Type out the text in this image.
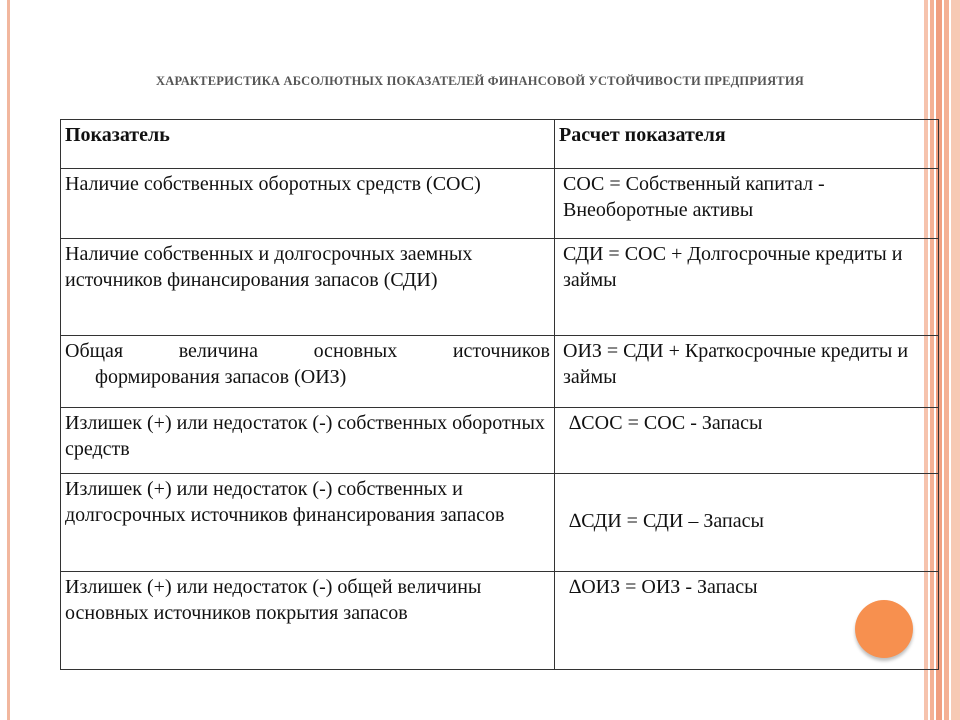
ХАРАКТЕРИСТИКА АБСОЛЮТНЫХ ПОКАЗАТЕЛЕЙ ФИНАНСОВОЙ УСТОЙЧИВОСТИ ПРЕДПРИЯТИЯ
Показатель	Расчет показателя
Наличие собственных оборотных средств (СОС)	СОС = Собственный капитал - Внеоборотные активы
Наличие собственных и долгосрочных заемных источников финансирования запасов (СДИ)	СДИ = СОС + Долгосрочные кредиты и займы

Общая величина основных источников
формирования запасов (ОИЗ)	ОИЗ = СДИ + Краткосрочные кредиты и займы
Излишек (+) или недостаток (-) собственных оборотных средств	∆СОС = СОС - Запасы
Излишек (+) или недостаток (-) собственных и долгосрочных источников финансирования запасов	∆СДИ = СДИ – Запасы
Излишек (+) или недостаток (-) общей величины основных источников покрытия запасов	∆ОИЗ = ОИЗ - Запасы
